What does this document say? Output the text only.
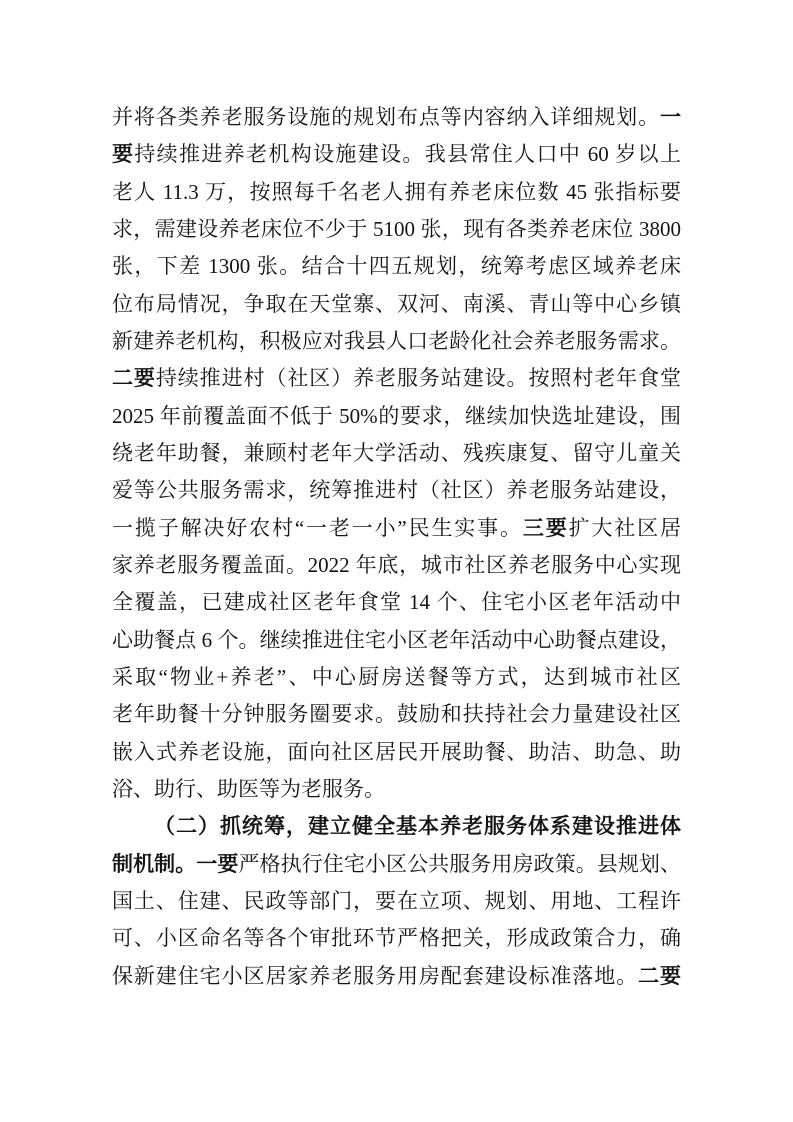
并将各类养老服务设施的规划布点等内容纳入详细规划。一
要持续推进养老机构设施建设。我县常住人口中 60 岁以上
老人 11.3 万，按照每千名老人拥有养老床位数 45 张指标要
求，需建设养老床位不少于 5100 张，现有各类养老床位 3800
张，下差 1300 张。结合十四五规划，统筹考虑区域养老床
位布局情况，争取在天堂寨、双河、南溪、青山等中心乡镇
新建养老机构，积极应对我县人口老龄化社会养老服务需求。
二要持续推进村（社区）养老服务站建设。按照村老年食堂
2025 年前覆盖面不低于 50%的要求，继续加快选址建设，围
绕老年助餐，兼顾村老年大学活动、残疾康复、留守儿童关
爱等公共服务需求，统筹推进村（社区）养老服务站建设，
一揽子解决好农村“一老一小”民生实事。三要扩大社区居
家养老服务覆盖面。2022 年底，城市社区养老服务中心实现
全覆盖，已建成社区老年食堂 14 个、住宅小区老年活动中
心助餐点 6 个。继续推进住宅小区老年活动中心助餐点建设，
采取“物业+养老”、中心厨房送餐等方式，达到城市社区
老年助餐十分钟服务圈要求。鼓励和扶持社会力量建设社区
嵌入式养老设施，面向社区居民开展助餐、助洁、助急、助
浴、助行、助医等为老服务。
（二）抓统筹，建立健全基本养老服务体系建设推进体
制机制。一要严格执行住宅小区公共服务用房政策。县规划、
国土、住建、民政等部门，要在立项、规划、用地、工程许
可、小区命名等各个审批环节严格把关，形成政策合力，确
保新建住宅小区居家养老服务用房配套建设标准落地。二要
